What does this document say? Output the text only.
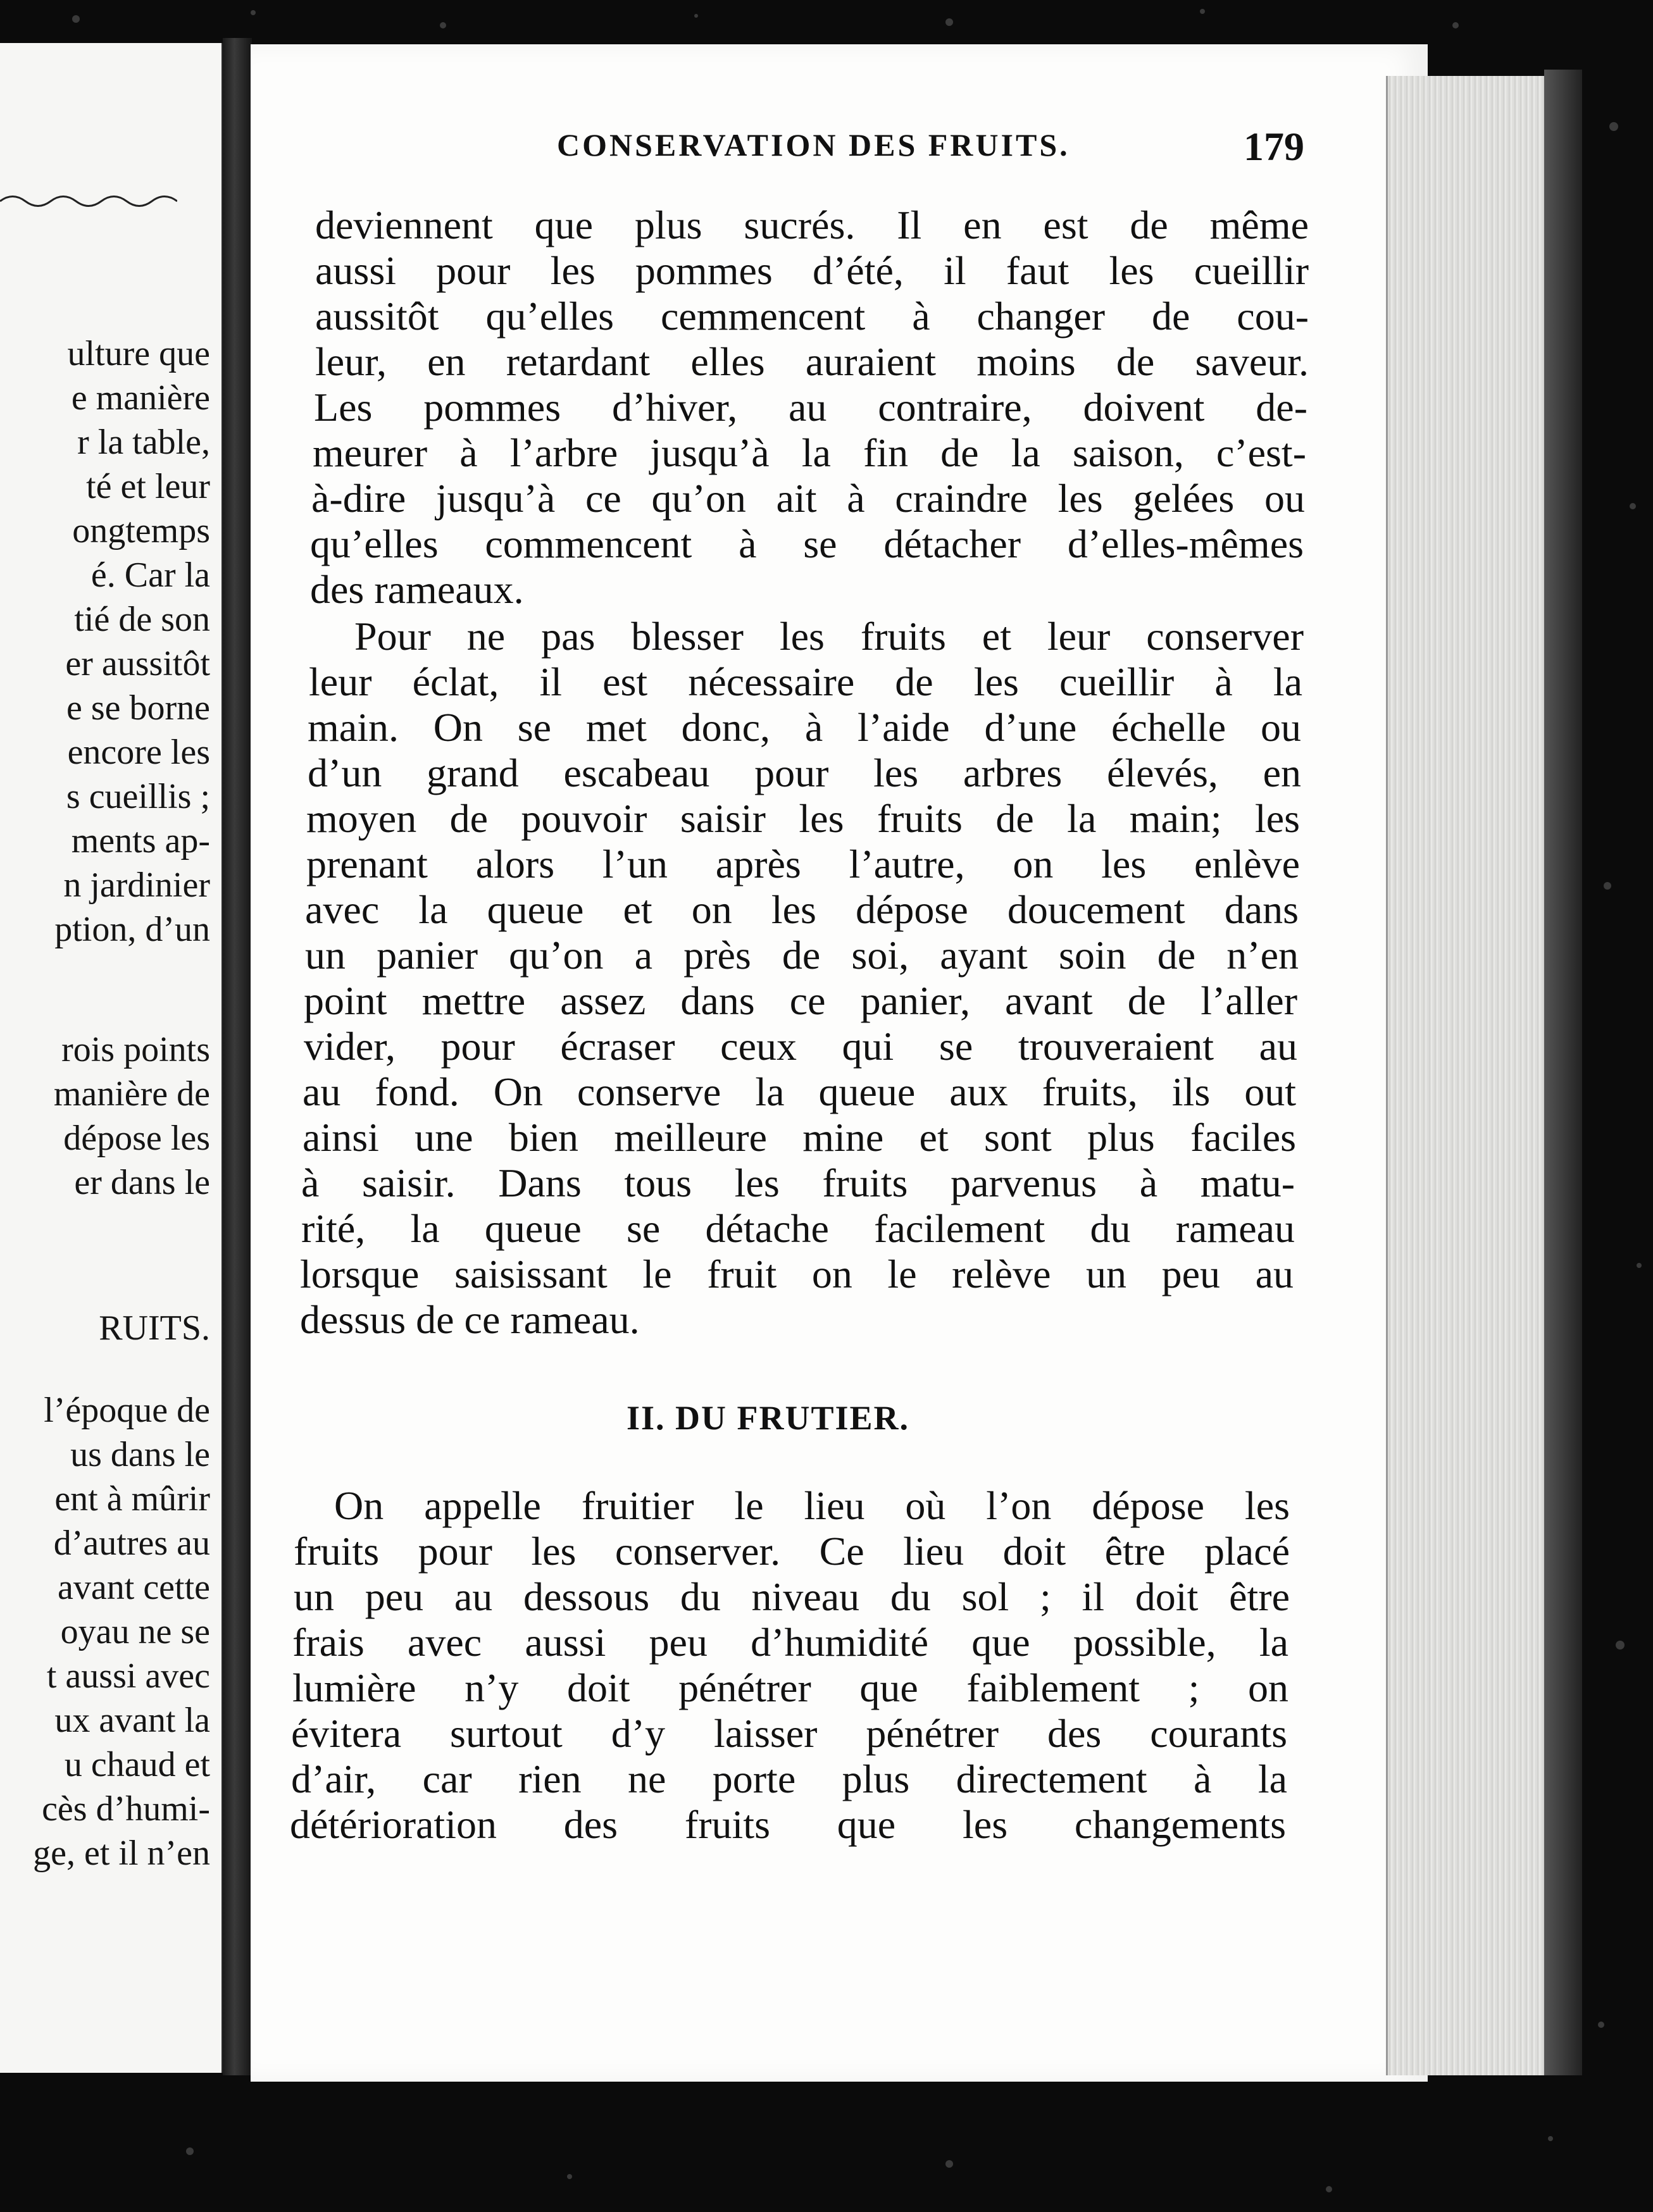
ulture que
e manière
r la table,
té et leur
ongtemps
é. Car la
tié de son
er aussitôt
e se borne
encore les
s cueillis ;
ments ap-
n jardinier
ption, d’un
rois points
manière de
dépose les
er dans le
RUITS.
l’époque de
us dans le
ent à mûrir
d’autres au
avant cette
oyau ne se
t aussi avec
ux avant la
u chaud et
cès d’humi-
ge, et il n’en
CONSERVATION DES FRUITS.	179
deviennent que plus sucrés. Il en est de même
aussi pour les pommes d’été, il faut les cueillir
aussitôt qu’elles cemmencent à changer de cou-
leur, en retardant elles auraient moins de saveur.
Les pommes d’hiver, au contraire, doivent de-
meurer à l’arbre jusqu’à la fin de la saison, c’est-
à-dire jusqu’à ce qu’on ait à craindre les gelées ou
qu’elles commencent à se détacher d’elles-mêmes
des rameaux.
Pour ne pas blesser les fruits et leur conserver
leur éclat, il est nécessaire de les cueillir à la
main. On se met donc, à l’aide d’une échelle ou
d’un grand escabeau pour les arbres élevés, en
moyen de pouvoir saisir les fruits de la main; les
prenant alors l’un après l’autre, on les enlève
avec la queue et on les dépose doucement dans
un panier qu’on a près de soi, ayant soin de n’en
point mettre assez dans ce panier, avant de l’aller
vider, pour écraser ceux qui se trouveraient au
au fond. On conserve la queue aux fruits, ils out
ainsi une bien meilleure mine et sont plus faciles
à saisir. Dans tous les fruits parvenus à matu-
rité, la queue se détache facilement du rameau
lorsque saisissant le fruit on le relève un peu au
dessus de ce rameau.
II. DU FRUTIER.
On appelle fruitier le lieu où l’on dépose les
fruits pour les conserver. Ce lieu doit être placé
un peu au dessous du niveau du sol ; il doit être
frais avec aussi peu d’humidité que possible, la
lumière n’y doit pénétrer que faiblement ; on
évitera surtout d’y laisser pénétrer des courants
d’air, car rien ne porte plus directement à la
détérioration des fruits que les changements
